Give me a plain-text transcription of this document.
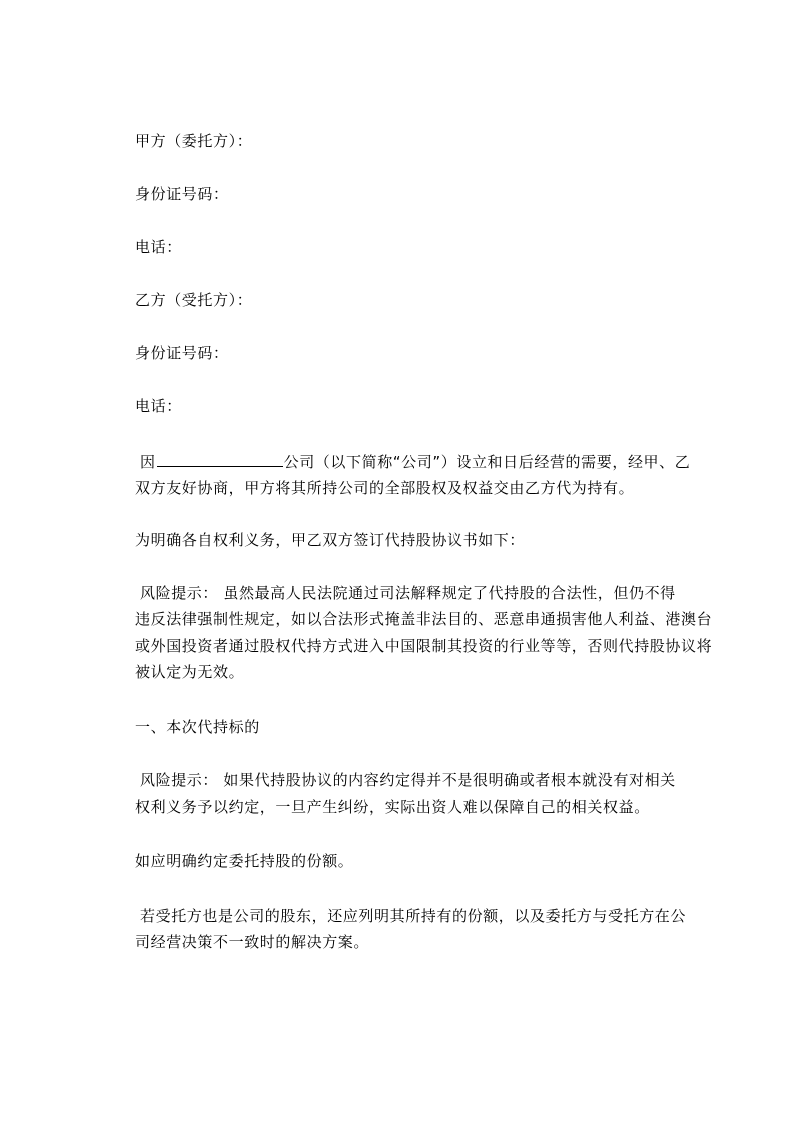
甲方（委托方）：
身份证号码：
电话：
乙方（受托方）：
身份证号码：
电话：
因	公司（以下简称“公司”）设立和日后经营的需要，经甲、乙
双方友好协商，甲方将其所持公司的全部股权及权益交由乙方代为持有。
为明确各自权利义务，甲乙双方签订代持股协议书如下：
风险提示： 虽然最高人民法院通过司法解释规定了代持股的合法性，但仍不得
违反法律强制性规定，如以合法形式掩盖非法目的、恶意串通损害他人利益、港澳台
或外国投资者通过股权代持方式进入中国限制其投资的行业等等，否则代持股协议将
被认定为无效。
一、本次代持标的
风险提示： 如果代持股协议的内容约定得并不是很明确或者根本就没有对相关
权利义务予以约定，一旦产生纠纷，实际出资人难以保障自己的相关权益。
如应明确约定委托持股的份额。
若受托方也是公司的股东，还应列明其所持有的份额，以及委托方与受托方在公
司经营决策不一致时的解决方案。
